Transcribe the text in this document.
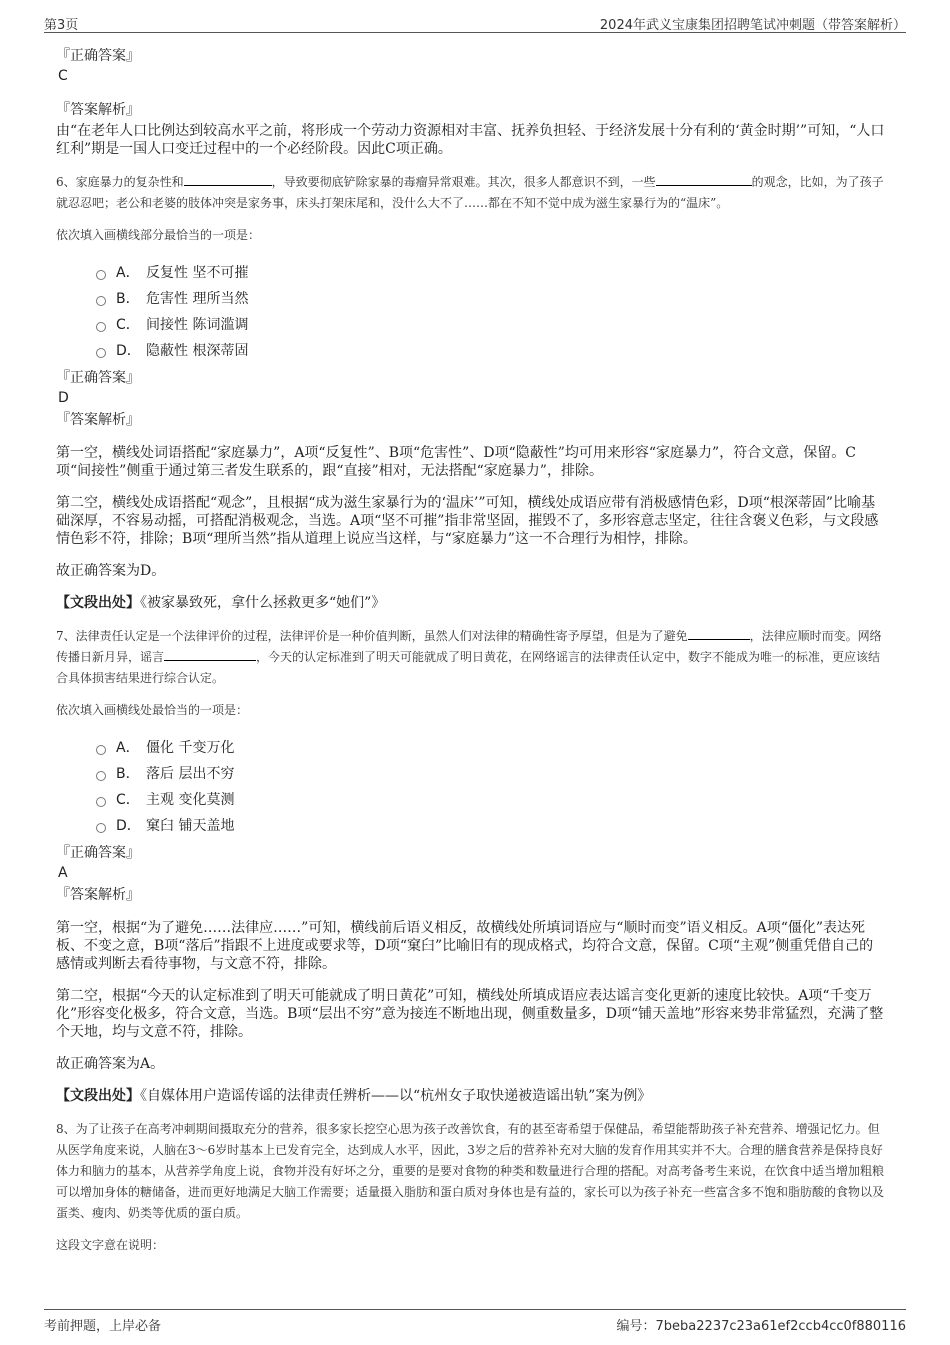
第3页	2024年武义宝康集团招聘笔试冲刺题（带答案解析）
『正确答案』
C
『答案解析』

由“在老年人口比例达到较高水平之前，将形成一个劳动力资源相对丰富、抚养负担轻、于经济发展十分有利的‘黄金时期’”可知，“人口红利”期是一国人口变迁过程中的一个必经阶段。因此C项正确。

6、家庭暴力的复杂性和	，导致要彻底铲除家暴的毒瘤异常艰难。其次，很多人都意识不到，一些	的观念，比如，为了孩子就忍忍吧；老公和老婆的肢体冲突是家务事，床头打架床尾和，没什么大不了……都在不知不觉中成为滋生家暴行为的“温床”。

依次填入画横线部分最恰当的一项是：

A． 反复性 坚不可摧
B． 危害性 理所当然
C． 间接性 陈词滥调
D． 隐蔽性 根深蒂固
『正确答案』
D
『答案解析』

第一空，横线处词语搭配“家庭暴力”，A项“反复性”、B项“危害性”、D项“隐蔽性”均可用来形容“家庭暴力”，符合文意，保留。C项“间接性”侧重于通过第三者发生联系的，跟“直接”相对，无法搭配“家庭暴力”，排除。

第二空，横线处成语搭配“观念”，且根据“成为滋生家暴行为的‘温床’”可知，横线处成语应带有消极感情色彩，D项“根深蒂固”比喻基础深厚，不容易动摇，可搭配消极观念，当选。A项“坚不可摧”指非常坚固，摧毁不了，多形容意志坚定，往往含褒义色彩，与文段感情色彩不符，排除；B项“理所当然”指从道理上说应当这样，与“家庭暴力”这一不合理行为相悖，排除。

故正确答案为D。

【文段出处】《被家暴致死，拿什么拯救更多“她们”》

7、法律责任认定是一个法律评价的过程，法律评价是一种价值判断，虽然人们对法律的精确性寄予厚望，但是为了避免	，法律应顺时而变。网络传播日新月异，谣言	，今天的认定标准到了明天可能就成了明日黄花，在网络谣言的法律责任认定中，数字不能成为唯一的标准，更应该结合具体损害结果进行综合认定。

依次填入画横线处最恰当的一项是：

A． 僵化 千变万化
B． 落后 层出不穷
C． 主观 变化莫测
D． 窠臼 铺天盖地
『正确答案』
A
『答案解析』

第一空，根据“为了避免……法律应……”可知，横线前后语义相反，故横线处所填词语应与“顺时而变”语义相反。A项“僵化”表达死板、不变之意，B项“落后”指跟不上进度或要求等，D项“窠臼”比喻旧有的现成格式，均符合文意，保留。C项“主观”侧重凭借自己的感情或判断去看待事物，与文意不符，排除。

第二空，根据“今天的认定标准到了明天可能就成了明日黄花”可知，横线处所填成语应表达谣言变化更新的速度比较快。A项“千变万化”形容变化极多，符合文意，当选。B项“层出不穷”意为接连不断地出现，侧重数量多，D项“铺天盖地”形容来势非常猛烈，充满了整个天地，均与文意不符，排除。

故正确答案为A。

【文段出处】《自媒体用户造谣传谣的法律责任辨析——以“杭州女子取快递被造谣出轨”案为例》

8、为了让孩子在高考冲刺期间摄取充分的营养，很多家长挖空心思为孩子改善饮食，有的甚至寄希望于保健品，希望能帮助孩子补充营养、增强记忆力。但从医学角度来说，人脑在3～6岁时基本上已发育完全，达到成人水平，因此，3岁之后的营养补充对大脑的发育作用其实并不大。合理的膳食营养是保持良好体力和脑力的基本，从营养学角度上说，食物并没有好坏之分，重要的是要对食物的种类和数量进行合理的搭配。对高考备考生来说，在饮食中适当增加粗粮可以增加身体的糖储备，进而更好地满足大脑工作需要；适量摄入脂肪和蛋白质对身体也是有益的，家长可以为孩子补充一些富含多不饱和脂肪酸的食物以及蛋类、瘦肉、奶类等优质的蛋白质。

这段文字意在说明：

考前押题，上岸必备	编号：7beba2237c23a61ef2ccb4cc0f880116
